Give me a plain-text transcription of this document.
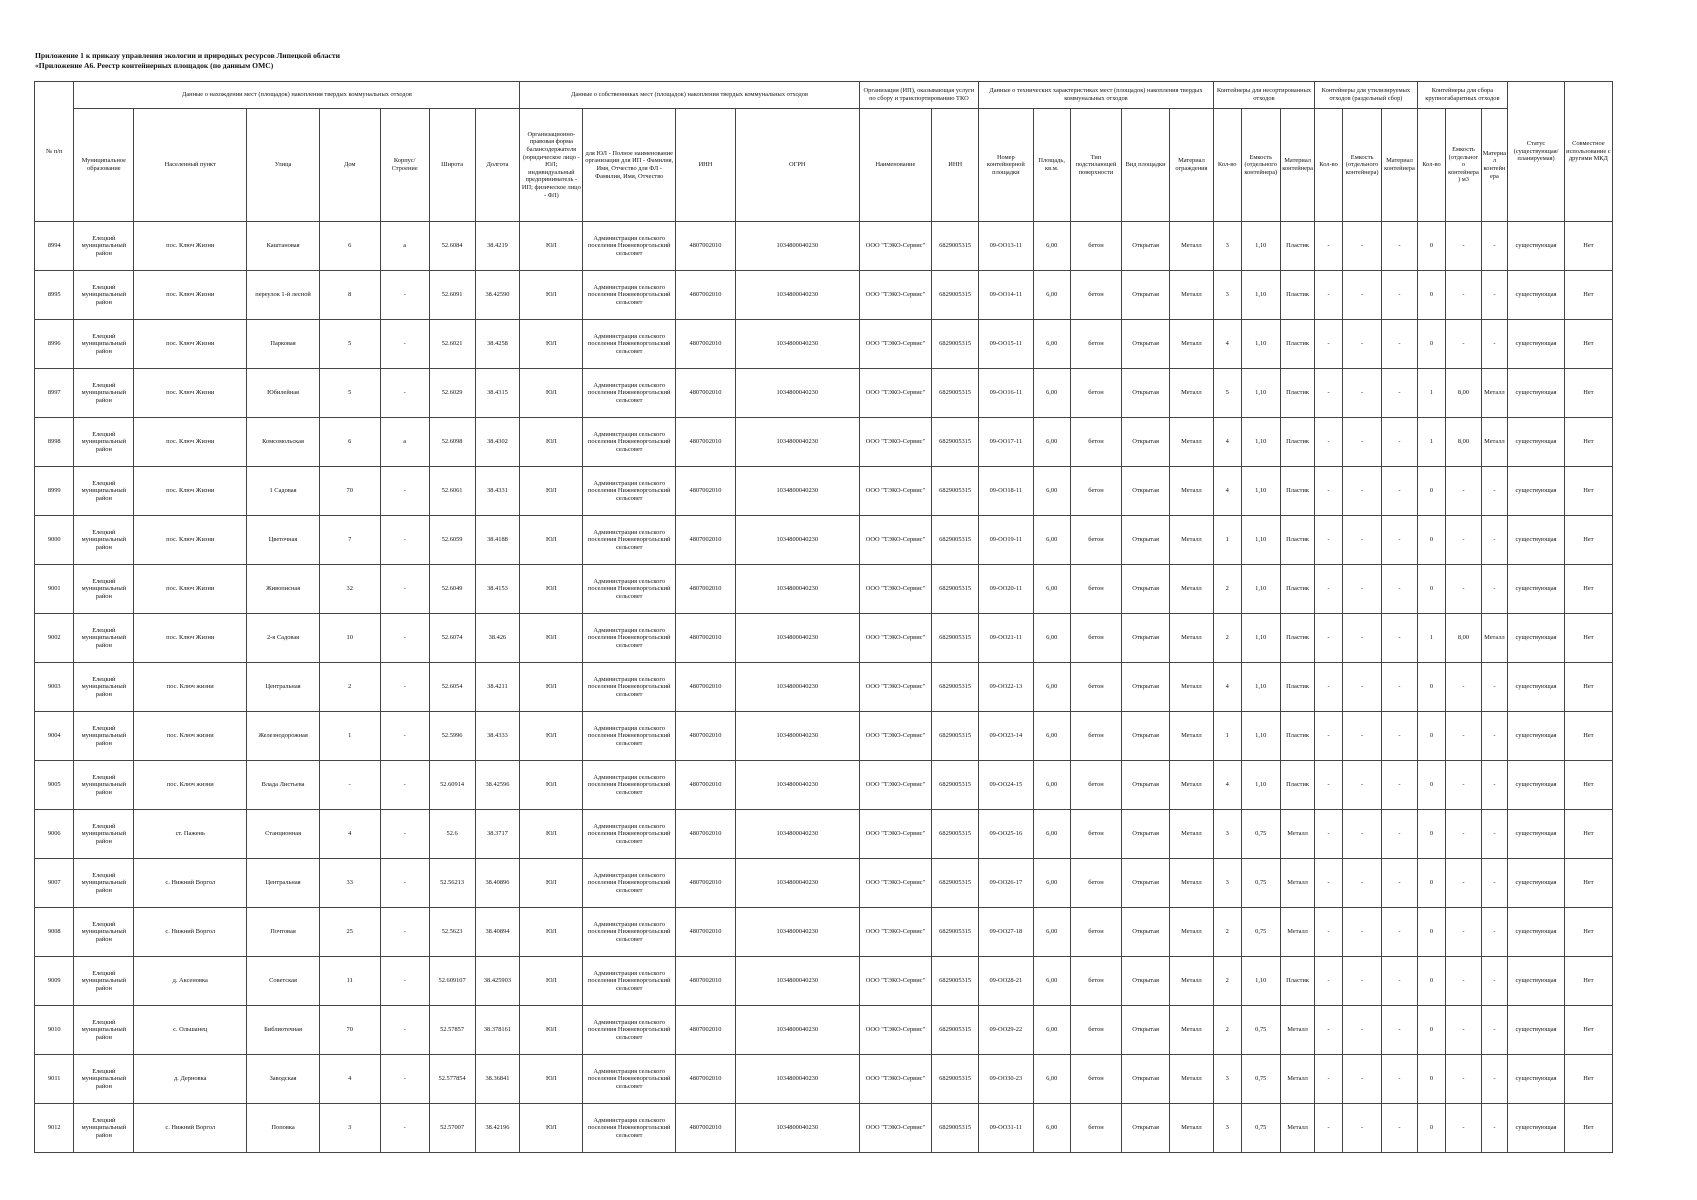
Приложение 1 к приказу управления экологии и природных ресурсов Липецкой области
«Приложение А6. Реестр контейнерных площадок (по данным ОМС)
№ п/п	Данные о нахождении мест (площадок) накопления твердых коммунальных отходов							Данные о собственниках мест (площадок) накопления твердых коммунальных отходов				Организация (ИП), оказывающая услуги по сбору и транспортированию ТКО		Данные о технических характеристиках мест (площадок) накопления твердых коммунальных отходов					Контейнеры для несортированных отходов			Контейнеры для утилизируемых отходов (раздельный сбор)			Контейнеры для сбора крупногабаритных отходов			Статус (существующая/планируемая)	Совместное использование с другими МКД
	Муниципальное образование	Населенный пункт	Улица	Дом	Корпус/Строение	Широта	Долгота	Организационно-правовая форма балансодержателя (юридическое лицо - ЮЛ; индивидуальный предприниматель - ИП; физическое лицо - ФЛ)	для ЮЛ - Полное наименование организации для ИП - Фамилия, Имя, Отчество для ФЛ - Фамилия, Имя, Отчество	ИНН	ОГРН	Наименование	ИНН	Номер контейнерной площадки	Площадь, кв.м.	Тип подстилающей поверхности	Вид площадки	Материал ограждения	Кол-во	Емкость (отдельного контейнера)	Материал контейнера	Кол-во	Емкость (отдельного контейнера)	Материал контейнера	Кол-во	Емкость (отдельного контейнера) м3	Материал контейнера		
8994	Елецкий муниципальный район	пос. Ключ Жизни	Каштановая	6	а	52.6084	38.4219	ЮЛ	Администрация сельского поселения Нижневоргольский сельсовет	4807002010	1034800040230	ООО "ТЭКО-Сервис"	6829005315	09-OO13-11	6,00	бетон	Открытая	Металл	3	1,10	Пластик	-	-	-	0	-	-	существующая	Нет
8995	Елецкий муниципальный район	пос. Ключ Жизни	переулок 1-й лесной	8	-	52.6091	38.42590	ЮЛ	Администрация сельского поселения Нижневоргольский сельсовет	4807002010	1034800040230	ООО "ТЭКО-Сервис"	6829005315	09-OO14-11	6,00	бетон	Открытая	Металл	3	1,10	Пластик	-	-	-	0	-	-	существующая	Нет
8996	Елецкий муниципальный район	пос. Ключ Жизни	Парковая	5	-	52.6021	38.4258	ЮЛ	Администрация сельского поселения Нижневоргольский сельсовет	4807002010	1034800040230	ООО "ТЭКО-Сервис"	6829005315	09-OO15-11	6,00	бетон	Открытая	Металл	4	1,10	Пластик	-	-	-	0	-	-	существующая	Нет
8997	Елецкий муниципальный район	пос. Ключ Жизни	Юбилейная	5	-	52.6029	38.4315	ЮЛ	Администрация сельского поселения Нижневоргольский сельсовет	4807002010	1034800040230	ООО "ТЭКО-Сервис"	6829005315	09-OO16-11	6,00	бетон	Открытая	Металл	5	1,10	Пластик	-	-	-	1	8,00	Металл	существующая	Нет
8998	Елецкий муниципальный район	пос. Ключ Жизни	Комсомольская	6	а	52.6098	38.4302	ЮЛ	Администрация сельского поселения Нижневоргольский сельсовет	4807002010	1034800040230	ООО "ТЭКО-Сервис"	6829005315	09-OO17-11	6,00	бетон	Открытая	Металл	4	1,10	Пластик	-	-	-	1	8,00	Металл	существующая	Нет
8999	Елецкий муниципальный район	пос. Ключ Жизни	1 Садовая	70	-	52.6061	38.4331	ЮЛ	Администрация сельского поселения Нижневоргольский сельсовет	4807002010	1034800040230	ООО "ТЭКО-Сервис"	6829005315	09-OO18-11	6,00	бетон	Открытая	Металл	4	1,10	Пластик	-	-	-	0	-	-	существующая	Нет
9000	Елецкий муниципальный район	пос. Ключ Жизни	Цветочная	7	-	52.6059	38.4188	ЮЛ	Администрация сельского поселения Нижневоргольский сельсовет	4807002010	1034800040230	ООО "ТЭКО-Сервис"	6829005315	09-OO19-11	6,00	бетон	Открытая	Металл	1	1,10	Пластик	-	-	-	0	-	-	существующая	Нет
9001	Елецкий муниципальный район	пос. Ключ Жизни	Живописная	32	-	52.6049	38.4153	ЮЛ	Администрация сельского поселения Нижневоргольский сельсовет	4807002010	1034800040230	ООО "ТЭКО-Сервис"	6829005315	09-OO20-11	6,00	бетон	Открытая	Металл	2	1,10	Пластик	-	-	-	0	-	-	существующая	Нет
9002	Елецкий муниципальный район	пос. Ключ Жизни	2-я Садовая	10	-	52.6074	38.426	ЮЛ	Администрация сельского поселения Нижневоргольский сельсовет	4807002010	1034800040230	ООО "ТЭКО-Сервис"	6829005315	09-OO21-11	6,00	бетон	Открытая	Металл	2	1,10	Пластик	-	-	-	1	8,00	Металл	существующая	Нет
9003	Елецкий муниципальный район	пос. Ключ жизни	Центральная	2	-	52.6054	38.4211	ЮЛ	Администрация сельского поселения Нижневоргольский сельсовет	4807002010	1034800040230	ООО "ТЭКО-Сервис"	6829005315	09-OO22-13	6,00	бетон	Открытая	Металл	4	1,10	Пластик	-	-	-	0	-	-	существующая	Нет
9004	Елецкий муниципальный район	пос. Ключ жизни	Железнодорожная	1	-	52.5996	38.4333	ЮЛ	Администрация сельского поселения Нижневоргольский сельсовет	4807002010	1034800040230	ООО "ТЭКО-Сервис"	6829005315	09-OO23-14	6,00	бетон	Открытая	Металл	1	1,10	Пластик	-	-	-	0	-	-	существующая	Нет
9005	Елецкий муниципальный район	пос. Ключ жизни	Влада Листьева	-	-	52.60914	38.42596	ЮЛ	Администрация сельского поселения Нижневоргольский сельсовет	4807002010	1034800040230	ООО "ТЭКО-Сервис"	6829005315	09-OO24-15	6,00	бетон	Открытая	Металл	4	1,10	Пластик	-	-	-	0	-	-	существующая	Нет
9006	Елецкий муниципальный район	ст. Пажень	Станционная	4	-	52.6	38.3717	ЮЛ	Администрация сельского поселения Нижневоргольский сельсовет	4807002010	1034800040230	ООО "ТЭКО-Сервис"	6829005315	09-OO25-16	6,00	бетон	Открытая	Металл	3	0,75	Металл	-	-	-	0	-	-	существующая	Нет
9007	Елецкий муниципальный район	с. Нижний Воргол	Центральная	33	-	52.56213	38.40896	ЮЛ	Администрация сельского поселения Нижневоргольский сельсовет	4807002010	1034800040230	ООО "ТЭКО-Сервис"	6829005315	09-OO26-17	6,00	бетон	Открытая	Металл	3	0,75	Металл	-	-	-	0	-	-	существующая	Нет
9008	Елецкий муниципальный район	с. Нижний Воргол	Почтовая	25	-	52.5623	38.40894	ЮЛ	Администрация сельского поселения Нижневоргольский сельсовет	4807002010	1034800040230	ООО "ТЭКО-Сервис"	6829005315	09-OO27-18	6,00	бетон	Открытая	Металл	2	0,75	Металл	-	-	-	0	-	-	существующая	Нет
9009	Елецкий муниципальный район	д. Аксеновка	Советская	11	-	52.609107	38.425903	ЮЛ	Администрация сельского поселения Нижневоргольский сельсовет	4807002010	1034800040230	ООО "ТЭКО-Сервис"	6829005315	09-OO28-21	6,00	бетон	Открытая	Металл	2	1,10	Пластик	-	-	-	0	-	-	существующая	Нет
9010	Елецкий муниципальный район	с. Ольшанец	Библиотечная	70	-	52.57857	38.378161	ЮЛ	Администрация сельского поселения Нижневоргольский сельсовет	4807002010	1034800040230	ООО "ТЭКО-Сервис"	6829005315	09-OO29-22	6,00	бетон	Открытая	Металл	2	0,75	Металл	-	-	-	0	-	-	существующая	Нет
9011	Елецкий муниципальный район	д. Дерновка	Заводская	4	-	52.577854	38.36841	ЮЛ	Администрация сельского поселения Нижневоргольский сельсовет	4807002010	1034800040230	ООО "ТЭКО-Сервис"	6829005315	09-OO30-23	6,00	бетон	Открытая	Металл	3	0,75	Металл	-	-	-	0	-	-	существующая	Нет
9012	Елецкий муниципальный район	с. Нижний Воргол	Поповка	3	-	52.57007	38.42196	ЮЛ	Администрация сельского поселения Нижневоргольский сельсовет	4807002010	1034800040230	ООО "ТЭКО-Сервис"	6829005315	09-OO31-11	6,00	бетон	Открытая	Металл	3	0,75	Металл	-	-	-	0	-	-	существующая	Нет
